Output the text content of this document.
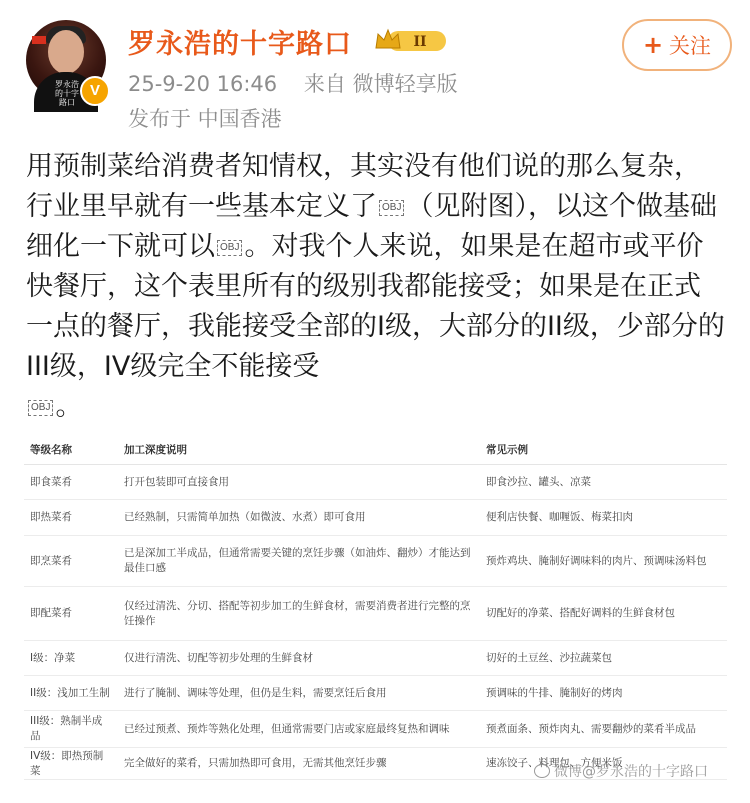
罗永浩 的十字路口
V
罗永浩的十字路口	II
25-9-20 16:46 来自 微博轻享版
发布于 中国香港
+ 关注
用预制菜给消费者知情权，其实没有他们说的那么复杂，行业里早就有一些基本定义了 OBJ （见附图），以这个做基础细化一下就可以 OBJ 。对我个人来说，如果是在超市或平价快餐厅，这个表里所有的级别我都能接受；如果是在正式一点的餐厅，我能接受全部的I级，大部分的II级，少部分的III级，IV级完全不能接受
OBJ 。
等级名称	加工深度说明	常见示例
即食菜肴	打开包装即可直接食用	即食沙拉、罐头、凉菜
即热菜肴	已经熟制，只需简单加热（如微波、水煮）即可食用	便利店快餐、咖喱饭、梅菜扣肉
即烹菜肴	已是深加工半成品，但通常需要关键的烹饪步骤（如油炸、翻炒）才能达到最佳口感	预炸鸡块、腌制好调味料的肉片、预调味汤料包
即配菜肴	仅经过清洗、分切、搭配等初步加工的生鲜食材，需要消费者进行完整的烹饪操作	切配好的净菜、搭配好调料的生鲜食材包
I级：净菜	仅进行清洗、切配等初步处理的生鲜食材	切好的土豆丝、沙拉蔬菜包
II级：浅加工生制	进行了腌制、调味等处理，但仍是生料，需要烹饪后食用	预调味的牛排、腌制好的烤肉
III级：熟制半成品	已经过预煮、预炸等熟化处理，但通常需要门店或家庭最终复热和调味	预煮面条、预炸肉丸、需要翻炒的菜肴半成品
IV级：即热预制菜	完全做好的菜肴，只需加热即可食用，无需其他烹饪步骤	速冻饺子、料理包、方便米饭
微博@罗永浩的十字路口
